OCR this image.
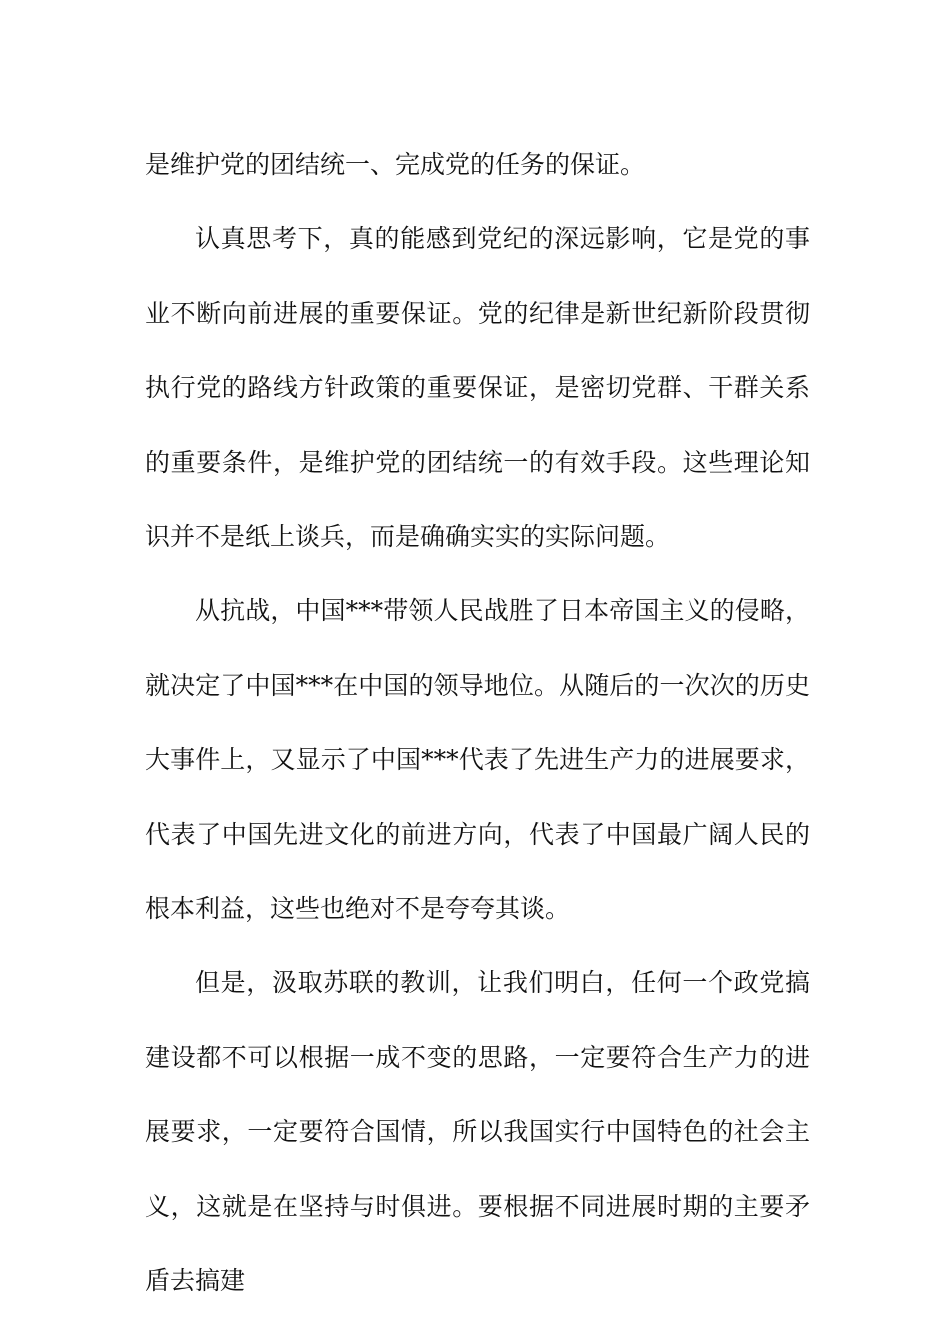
是维护党的团结统一、完成党的任务的保证。

认真思考下，真的能感到党纪的深远影响，它是党的事业不断向前进展的重要保证。党的纪律是新世纪新阶段贯彻执行党的路线方针政策的重要保证，是密切党群、干群关系的重要条件，是维护党的团结统一的有效手段。这些理论知识并不是纸上谈兵，而是确确实实的实际问题。

从抗战，中国***带领人民战胜了日本帝国主义的侵略，就决定了中国***在中国的领导地位。从随后的一次次的历史大事件上，又显示了中国***代表了先进生产力的进展要求，代表了中国先进文化的前进方向，代表了中国最广阔人民的根本利益，这些也绝对不是夸夸其谈。

但是，汲取苏联的教训，让我们明白，任何一个政党搞建设都不可以根据一成不变的思路，一定要符合生产力的进展要求，一定要符合国情，所以我国实行中国特色的社会主义，这就是在坚持与时俱进。要根据不同进展时期的主要矛盾去搞建
